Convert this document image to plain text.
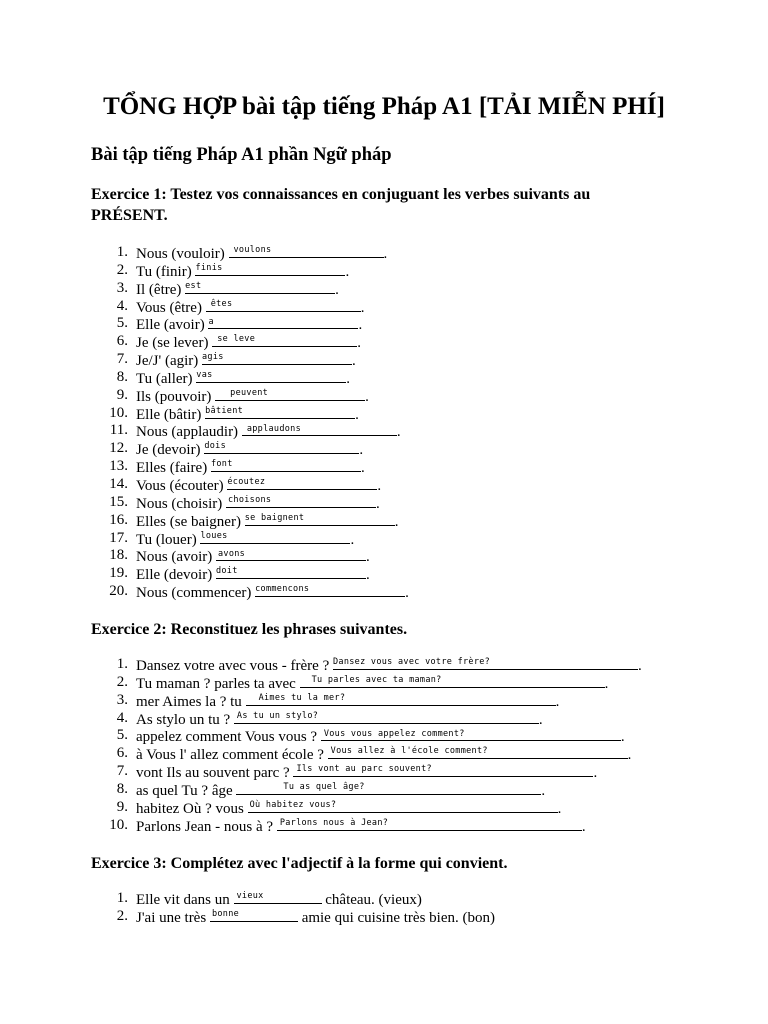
TỔNG HỢP bài tập tiếng Pháp A1 [TẢI MIỄN PHÍ]
Bài tập tiếng Pháp A1 phần Ngữ pháp
Exercice 1: Testez vos connaissances en conjuguant les verbes suivants au PRÉSENT.
1. Nous (vouloir) voulons	.
2. Tu (finir) finis	.
3. Il (être) est	.
4. Vous (être) êtes	.
5. Elle (avoir) a	.
6. Je (se lever) se leve	.
7. Je/J' (agir) agis	.
8. Tu (aller) vas	.
9. Ils (pouvoir) peuvent	.
10. Elle (bâtir) bâtient	.
11. Nous (applaudir) applaudons	.
12. Je (devoir) dois	.
13. Elles (faire) font	.
14. Vous (écouter) écoutez	.
15. Nous (choisir) choisons	.
16. Elles (se baigner) se baignent	.
17. Tu (louer) loues	.
18. Nous (avoir) avons	.
19. Elle (devoir) doit	.
20. Nous (commencer) commencons	.
Exercice 2: Reconstituez les phrases suivantes.
1. Dansez votre avec vous - frère ? Dansez vous avec votre frère?	.
2. Tu maman ? parles ta avec Tu parles avec ta maman?	.
3. mer Aimes la ? tu Aimes tu la mer?	.
4. As stylo un tu ? As tu un stylo?	.
5. appelez comment Vous vous ? Vous vous appelez comment?	.
6. à Vous l' allez comment école ? Vous allez à l'école comment?	.
7. vont Ils au souvent parc ? Ils vont au parc souvent?	.
8. as quel Tu ? âge	Tu as quel âge?	.
9. habitez Où ? vous Où habitez vous?	.
10. Parlons Jean - nous à ? Parlons nous à Jean?	.
Exercice 3: Complétez avec l'adjectif à la forme qui convient.
1. Elle vit dans un vieux	château. (vieux)
2. J'ai une très bonne	amie qui cuisine très bien. (bon)
